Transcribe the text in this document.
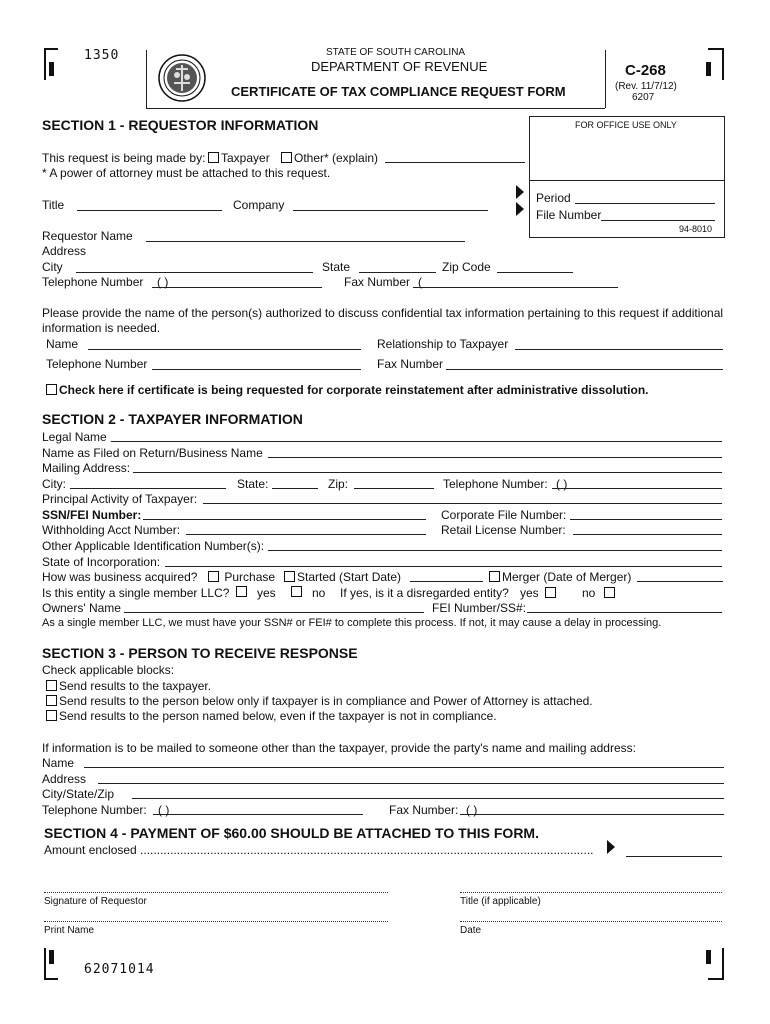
1350	STATE OF SOUTH CAROLINA
DEPARTMENT OF REVENUE
CERTIFICATE OF TAX COMPLIANCE REQUEST FORM
C-268
(Rev. 11/7/12)
6207
FOR OFFICE USE ONLY
Period
File Number
94-8010
SECTION 1 - REQUESTOR INFORMATION
This request is being made by:	Taxpayer	Other* (explain)
* A power of attorney must be attached to this request.
Title	Company
Requestor Name
Address
City	State	Zip Code
Telephone Number ( )	Fax Number (
Please provide the name of the person(s) authorized to discuss confidential tax information pertaining to this request if additional
information is needed.
Name	Relationship to Taxpayer
Telephone Number	Fax Number
Check here if certificate is being requested for corporate reinstatement after administrative dissolution.
SECTION 2 - TAXPAYER INFORMATION
Legal Name
Name as Filed on Return/Business Name
Mailing Address:
City:	State:	Zip:	Telephone Number: ( )
Principal Activity of Taxpayer:
SSN/FEI Number:	Corporate File Number:
Withholding Acct Number:	Retail License Number:
Other Applicable Identification Number(s):
State of Incorporation:
How was business acquired?	Purchase	Started (Start Date)	Merger (Date of Merger)
Is this entity a single member LLC? yes	no If yes, is it a disregarded entity? yes	no
Owners' Name	FEI Number/SS#:
As a single member LLC, we must have your SSN# or FEI# to complete this process. If not, it may cause a delay in processing.
SECTION 3 - PERSON TO RECEIVE RESPONSE
Check applicable blocks:
Send results to the taxpayer.
Send results to the person below only if taxpayer is in compliance and Power of Attorney is attached.
Send results to the person named below, even if the taxpayer is not in compliance.
If information is to be mailed to someone other than the taxpayer, provide the party's name and mailing address:
Name
Address
City/State/Zip
Telephone Number: ( )	Fax Number: ( )
SECTION 4 - PAYMENT OF $60.00 SHOULD BE ATTACHED TO THIS FORM.
Amount enclosed ........................................................................................................................................
Signature of Requestor	Title (if applicable)
Print Name	Date
62071014
